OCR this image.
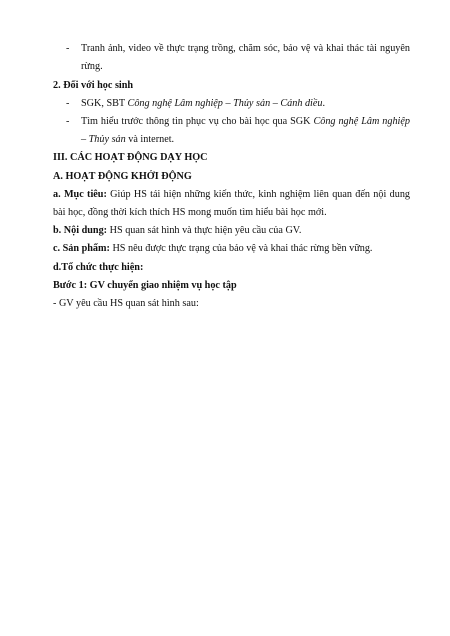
- Tranh ảnh, video về thực trạng trồng, chăm sóc, bảo vệ và khai thác tài nguyên
rừng.
2. Đối với học sinh
- SGK, SBT Công nghệ Lâm nghiệp – Thủy sản – Cánh diều.
- Tìm hiểu trước thông tin phục vụ cho bài học qua SGK Công nghệ Lâm nghiệp
– Thủy sản và internet.
III. CÁC HOẠT ĐỘNG DẠY HỌC
A. HOẠT ĐỘNG KHỞI ĐỘNG
a. Mục tiêu: Giúp HS tái hiện những kiến thức, kinh nghiệm liên quan đến nội dung
bài học, đồng thời kích thích HS mong muốn tìm hiểu bài học mới.
b. Nội dung: HS quan sát hình và thực hiện yêu cầu của GV.
c. Sản phẩm: HS nêu được thực trạng của bảo vệ và khai thác rừng bền vững.
d.Tổ chức thực hiện:
Bước 1: GV chuyển giao nhiệm vụ học tập
- GV yêu cầu HS quan sát hình sau:
